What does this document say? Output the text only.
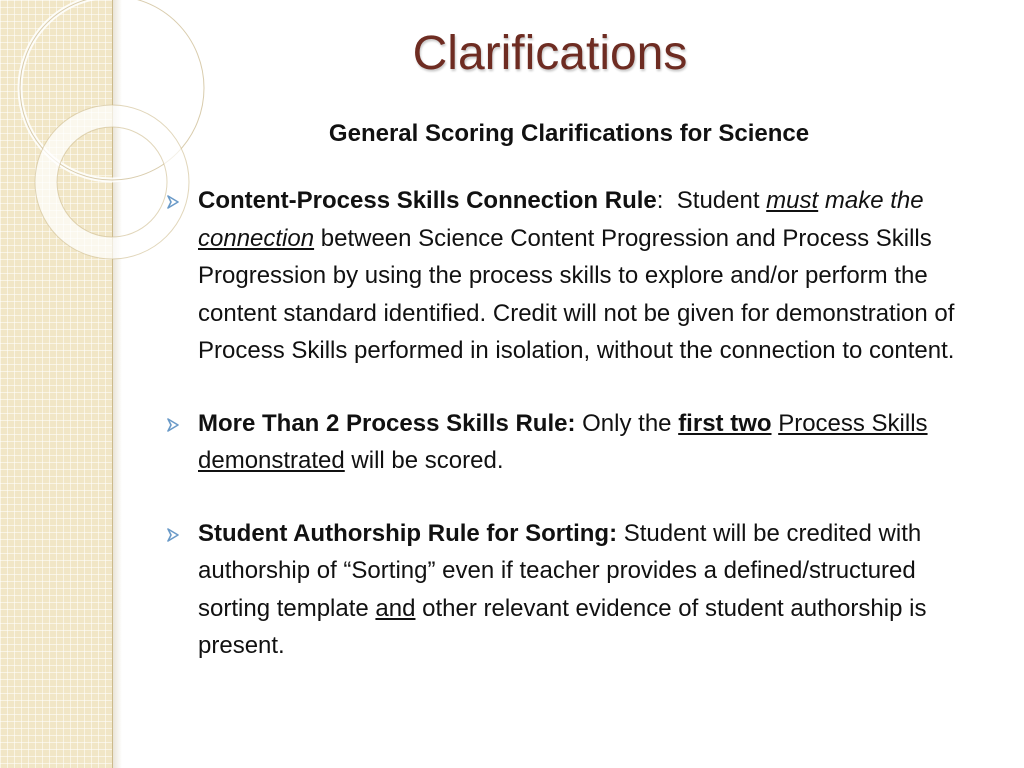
Clarifications
General Scoring Clarifications for Science
Content-Process Skills Connection Rule: Student must make the connection between Science Content Progression and Process Skills Progression by using the process skills to explore and/or perform the content standard identified. Credit will not be given for demonstration of Process Skills performed in isolation, without the connection to content.
More Than 2 Process Skills Rule: Only the first two Process Skills demonstrated will be scored.
Student Authorship Rule for Sorting: Student will be credited with authorship of “Sorting” even if teacher provides a defined/structured sorting template and other relevant evidence of student authorship is present.
